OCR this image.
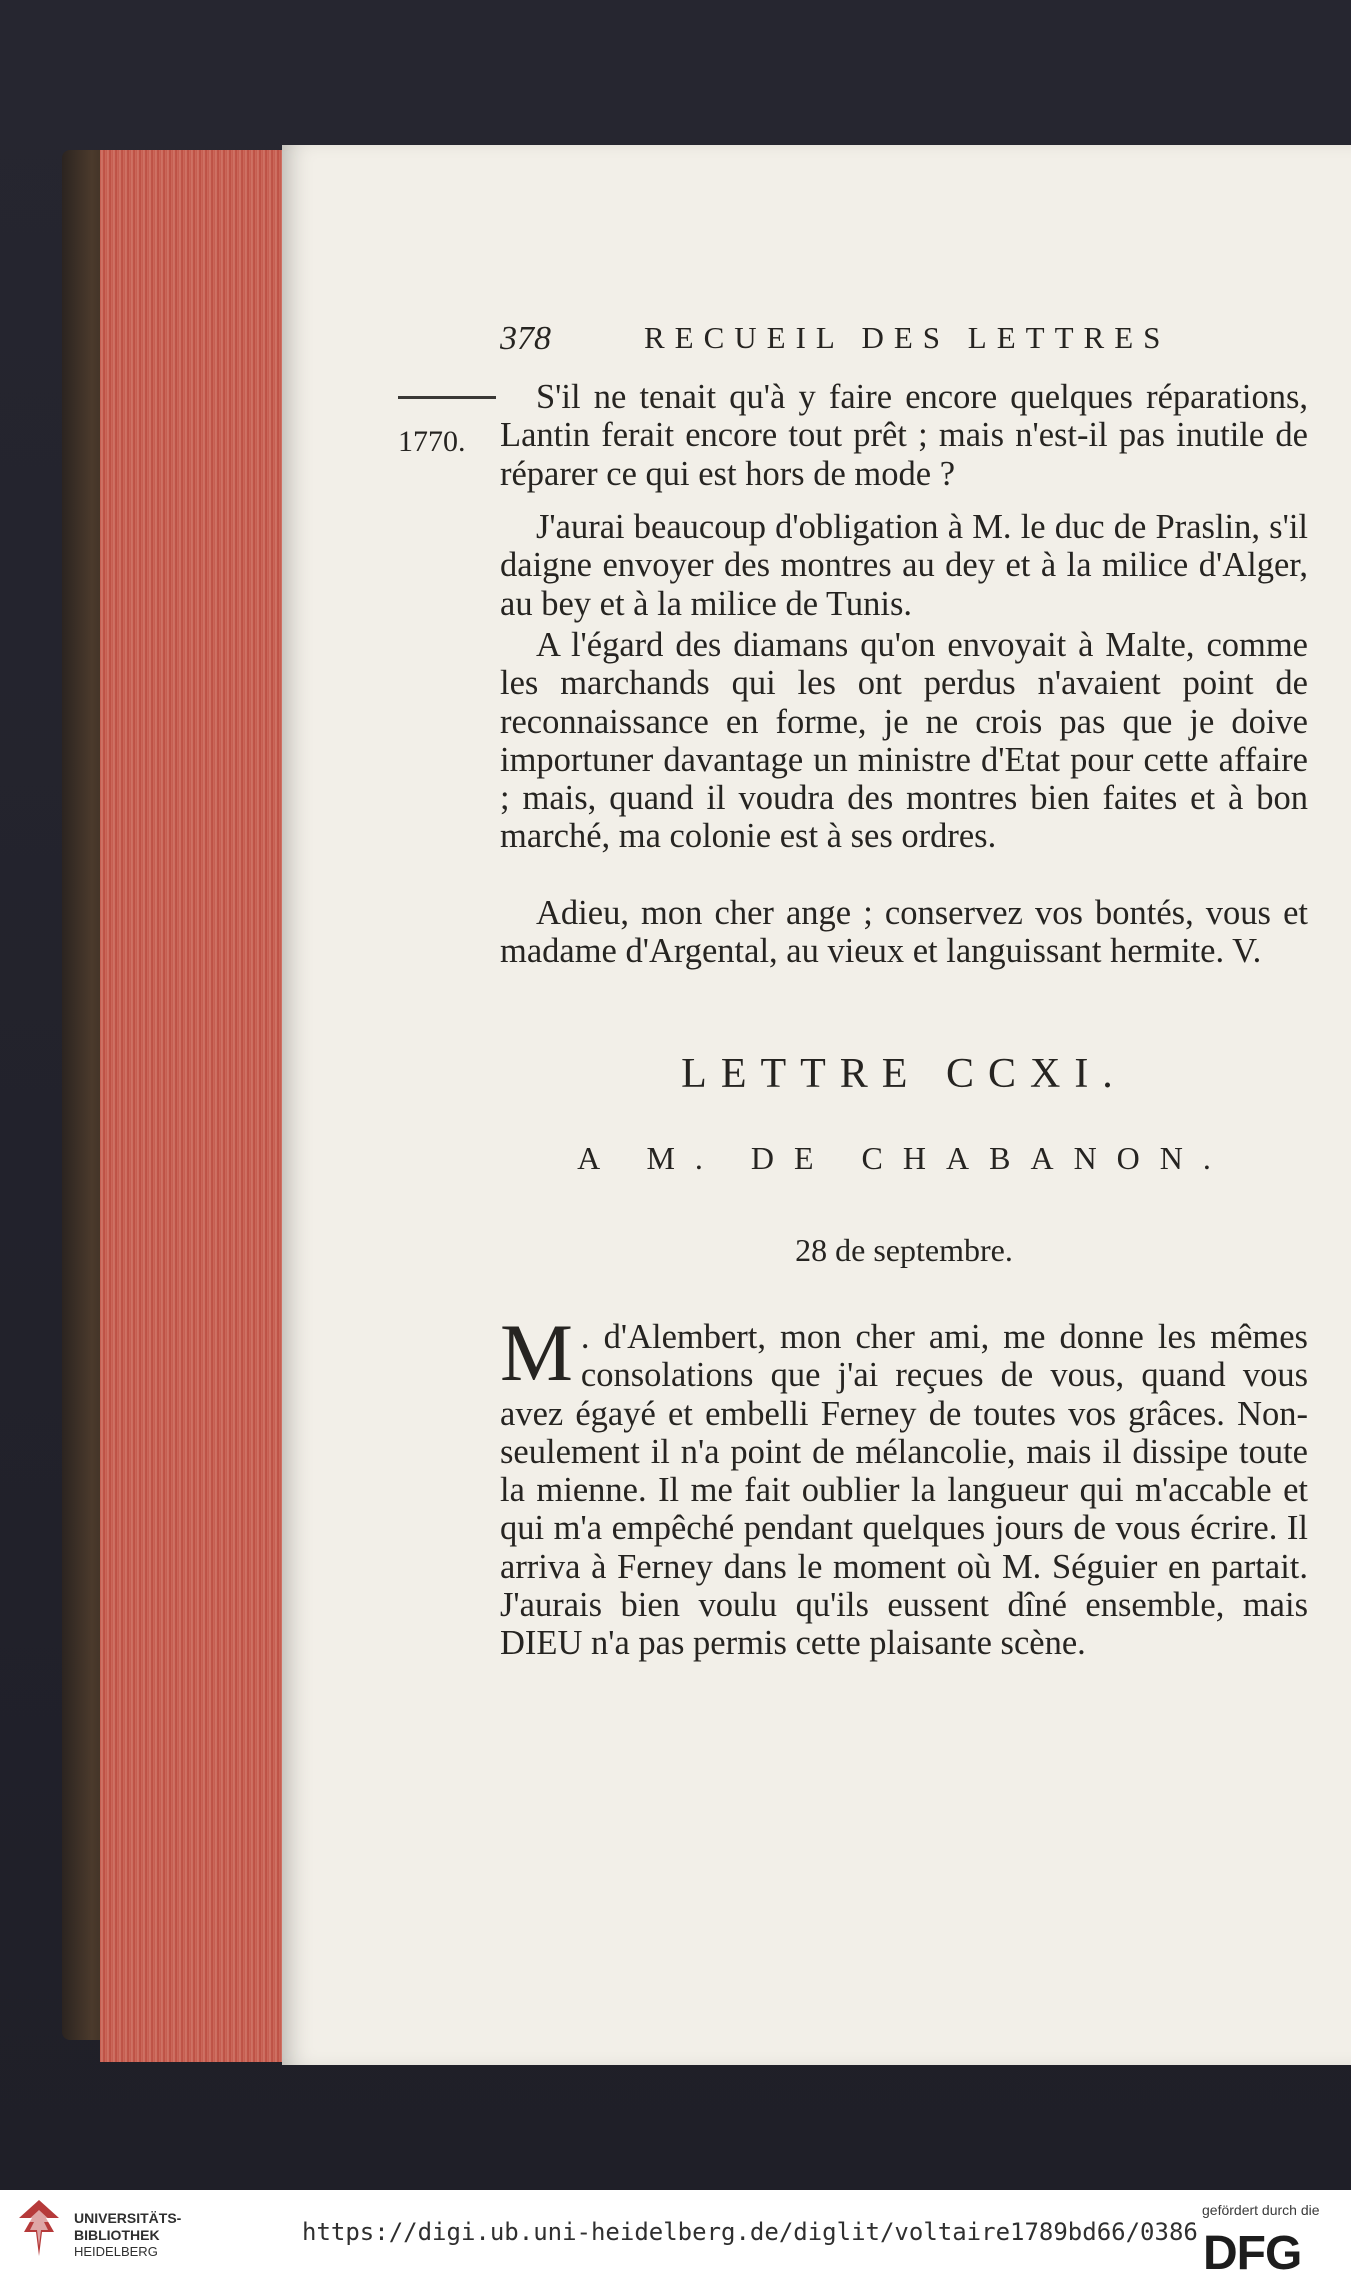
378	RECUEIL DES LETTRES
1770.

S'il ne tenait qu'à y faire encore quelques réparations, Lantin ferait encore tout prêt ; mais n'est-il pas inutile de réparer ce qui est hors de mode ?

J'aurai beaucoup d'obligation à M. le duc de Praslin, s'il daigne envoyer des montres au dey et à la milice d'Alger, au bey et à la milice de Tunis.

A l'égard des diamans qu'on envoyait à Malte, comme les marchands qui les ont perdus n'avaient point de reconnaissance en forme, je ne crois pas que je doive importuner davantage un ministre d'Etat pour cette affaire ; mais, quand il voudra des montres bien faites et à bon marché, ma colonie est à ses ordres.

Adieu, mon cher ange ; conservez vos bontés, vous et madame d'Argental, au vieux et languissant hermite. V.

LETTRE CCXI.
A M. DE CHABANON.
28 de septembre.

M . d'Alembert, mon cher ami, me donne les mêmes consolations que j'ai reçues de vous, quand vous avez égayé et embelli Ferney de toutes vos grâces. Non-seulement il n'a point de mélancolie, mais il dissipe toute la mienne. Il me fait oublier la langueur qui m'accable et qui m'a empêché pendant quelques jours de vous écrire. Il arriva à Ferney dans le moment où M. Séguier en partait. J'aurais bien voulu qu'ils eussent dîné ensemble, mais DIEU n'a pas permis cette plaisante scène.

UNIVERSITÄTS-
BIBLIOTHEK
HEIDELBERG
https://digi.ub.uni-heidelberg.de/diglit/voltaire1789bd66/0386
gefördert durch die
DFG
